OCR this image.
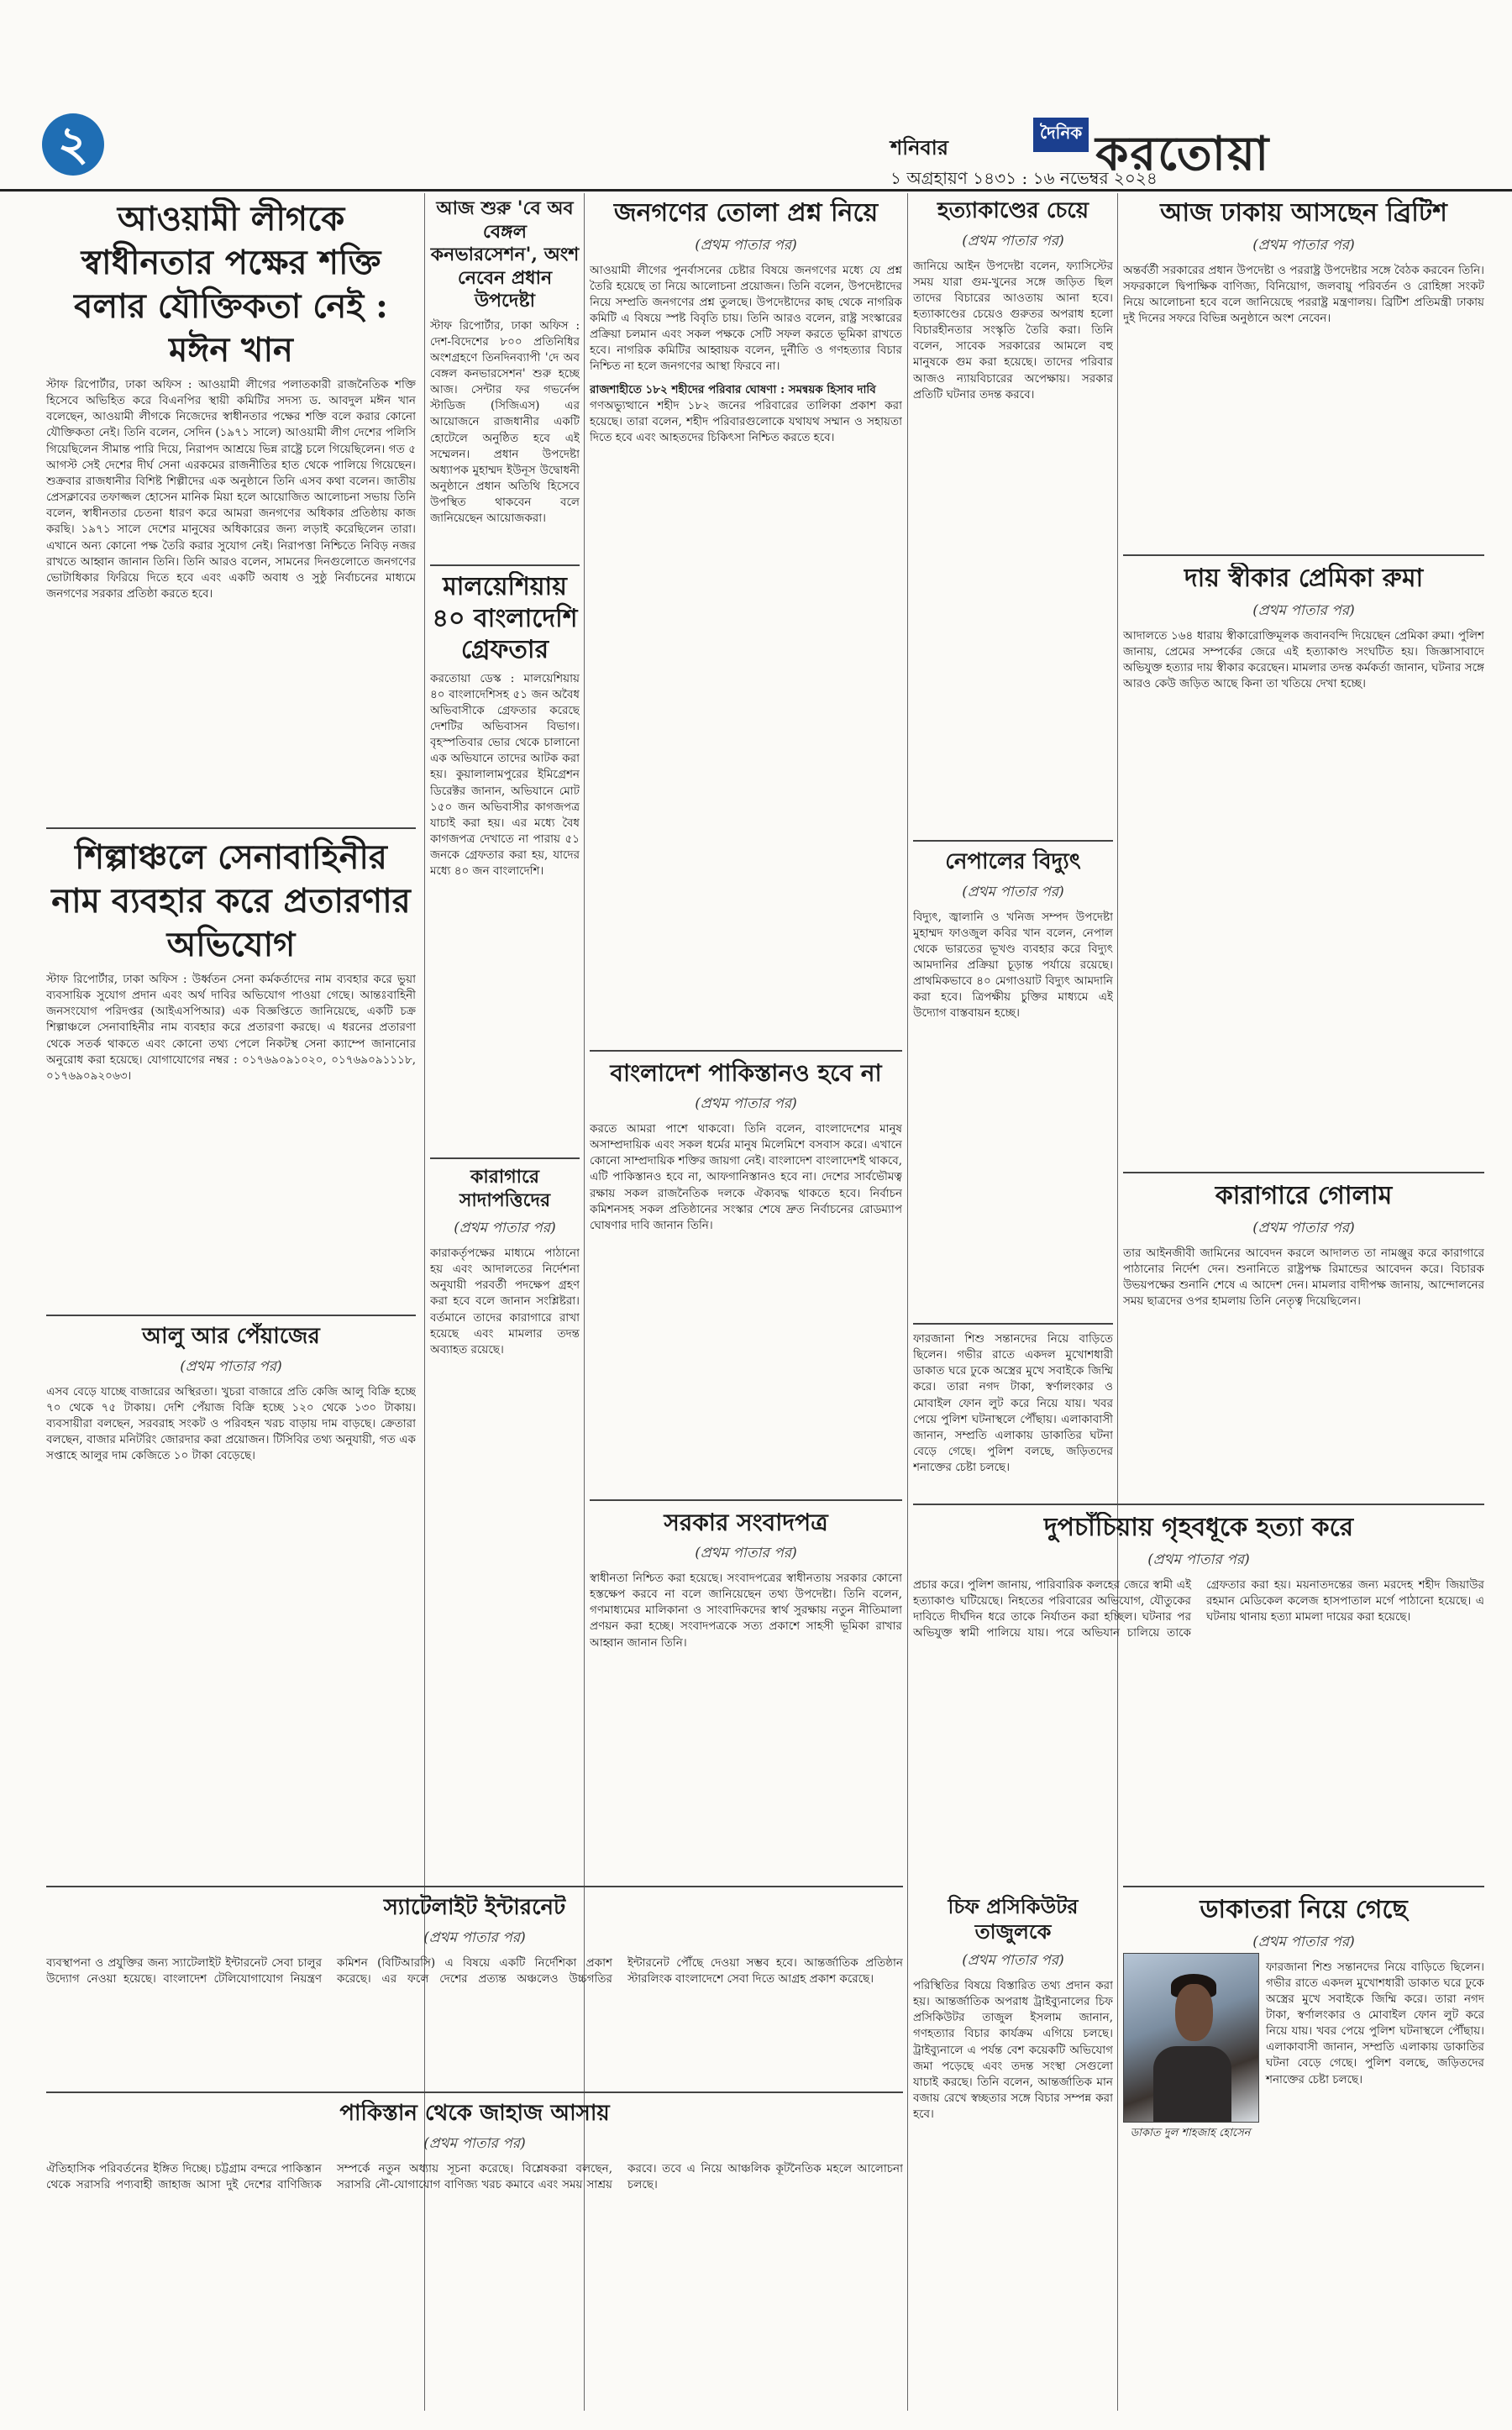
২	শনিবার
১ অগ্রহায়ণ ১৪৩১ : ১৬ নভেম্বর ২০২৪
দৈনিক করতোয়া
আওয়ামী লীগকে স্বাধীনতার পক্ষের শক্তি বলার যৌক্তিকতা নেই : মঈন খান
স্টাফ রিপোর্টার, ঢাকা অফিস : আওয়ামী লীগের পলাতকারী রাজনৈতিক শক্তি হিসেবে অভিহিত করে বিএনপির স্থায়ী কমিটির সদস্য ড. আবদুল মঈন খান বলেছেন, আওয়ামী লীগকে নিজেদের স্বাধীনতার পক্ষের শক্তি বলে করার কোনো যৌক্তিকতা নেই। তিনি বলেন, সেদিন (১৯৭১ সালে) আওয়ামী লীগ দেশের পলিসি গিয়েছিলেন সীমান্ত পারি দিয়ে, নিরাপদ আশ্রয়ে ভিন্ন রাষ্ট্রে চলে গিয়েছিলেন। গত ৫ আগস্ট সেই দেশের দীর্ঘ সেনা এরকমের রাজনীতির হাত থেকে পালিয়ে গিয়েছেন। শুক্রবার রাজধানীর বিশিষ্ট শিল্পীদের এক অনুষ্ঠানে তিনি এসব কথা বলেন। জাতীয় প্রেসক্লাবের তফাজ্জল হোসেন মানিক মিয়া হলে আয়োজিত আলোচনা সভায় তিনি বলেন, স্বাধীনতার চেতনা ধারণ করে আমরা জনগণের অধিকার প্রতিষ্ঠায় কাজ করছি। ১৯৭১ সালে দেশের মানুষের অধিকারের জন্য লড়াই করেছিলেন তারা। এখানে অন্য কোনো পক্ষ তৈরি করার সুযোগ নেই। নিরাপত্তা নিশ্চিতে নিবিড় নজর রাখতে আহ্বান জানান তিনি। তিনি আরও বলেন, সামনের দিনগুলোতে জনগণের ভোটাধিকার ফিরিয়ে দিতে হবে এবং একটি অবাধ ও সুষ্ঠু নির্বাচনের মাধ্যমে জনগণের সরকার প্রতিষ্ঠা করতে হবে।
শিল্পাঞ্চলে সেনাবাহিনীর নাম ব্যবহার করে প্রতারণার অভিযোগ
স্টাফ রিপোর্টার, ঢাকা অফিস : উর্ধ্বতন সেনা কর্মকর্তাদের নাম ব্যবহার করে ভুয়া ব্যবসায়িক সুযোগ প্রদান এবং অর্থ দাবির অভিযোগ পাওয়া গেছে। আন্তঃবাহিনী জনসংযোগ পরিদপ্তর (আইএসপিআর) এক বিজ্ঞপ্তিতে জানিয়েছে, একটি চক্র শিল্পাঞ্চলে সেনাবাহিনীর নাম ব্যবহার করে প্রতারণা করছে। এ ধরনের প্রতারণা থেকে সতর্ক থাকতে এবং কোনো তথ্য পেলে নিকটস্থ সেনা ক্যাম্পে জানানোর অনুরোধ করা হয়েছে। যোগাযোগের নম্বর : ০১৭৬৯০৯১০২০, ০১৭৬৯০৯১১১৮, ০১৭৬৯০৯২০৬৩।
আলু আর পেঁয়াজের
(প্রথম পাতার পর)
এসব বেড়ে যাচ্ছে বাজারের অস্থিরতা। খুচরা বাজারে প্রতি কেজি আলু বিক্রি হচ্ছে ৭০ থেকে ৭৫ টাকায়। দেশি পেঁয়াজ বিক্রি হচ্ছে ১২০ থেকে ১৩০ টাকায়। ব্যবসায়ীরা বলছেন, সরবরাহ সংকট ও পরিবহন খরচ বাড়ায় দাম বাড়ছে। ক্রেতারা বলছেন, বাজার মনিটরিং জোরদার করা প্রয়োজন। টিসিবির তথ্য অনুযায়ী, গত এক সপ্তাহে আলুর দাম কেজিতে ১০ টাকা বেড়েছে।
স্যাটেলাইট ইন্টারনেট
(প্রথম পাতার পর)
ব্যবস্থাপনা ও প্রযুক্তির জন্য স্যাটেলাইট ইন্টারনেট সেবা চালুর উদ্যোগ নেওয়া হয়েছে। বাংলাদেশ টেলিযোগাযোগ নিয়ন্ত্রণ কমিশন (বিটিআরসি) এ বিষয়ে একটি নির্দেশিকা প্রকাশ করেছে। এর ফলে দেশের প্রত্যন্ত অঞ্চলেও উচ্চগতির ইন্টারনেট পৌঁছে দেওয়া সম্ভব হবে। আন্তর্জাতিক প্রতিষ্ঠান স্টারলিংক বাংলাদেশে সেবা দিতে আগ্রহ প্রকাশ করেছে।
পাকিস্তান থেকে জাহাজ আসায়
(প্রথম পাতার পর)
ঐতিহাসিক পরিবর্তনের ইঙ্গিত দিচ্ছে। চট্টগ্রাম বন্দরে পাকিস্তান থেকে সরাসরি পণ্যবাহী জাহাজ আসা দুই দেশের বাণিজ্যিক সম্পর্কে নতুন অধ্যায় সূচনা করেছে। বিশ্লেষকরা বলছেন, সরাসরি নৌ-যোগাযোগ বাণিজ্য খরচ কমাবে এবং সময় সাশ্রয় করবে। তবে এ নিয়ে আঞ্চলিক কূটনৈতিক মহলে আলোচনা চলছে।
আজ শুরু 'বে অব বেঙ্গল কনভারসেশন', অংশ নেবেন প্রধান উপদেষ্টা
স্টাফ রিপোর্টার, ঢাকা অফিস : দেশ-বিদেশের ৮০০ প্রতিনিধির অংশগ্রহণে তিনদিনব্যাপী 'দে অব বেঙ্গল কনভারসেশন' শুরু হচ্ছে আজ। সেন্টার ফর গভর্নেন্স স্টাডিজ (সিজিএস) এর আয়োজনে রাজধানীর একটি হোটেলে অনুষ্ঠিত হবে এই সম্মেলন। প্রধান উপদেষ্টা অধ্যাপক মুহাম্মদ ইউনূস উদ্বোধনী অনুষ্ঠানে প্রধান অতিথি হিসেবে উপস্থিত থাকবেন বলে জানিয়েছেন আয়োজকরা।
মালয়েশিয়ায় ৪০ বাংলাদেশি গ্রেফতার
করতোয়া ডেস্ক : মালয়েশিয়ায় ৪০ বাংলাদেশিসহ ৫১ জন অবৈধ অভিবাসীকে গ্রেফতার করেছে দেশটির অভিবাসন বিভাগ। বৃহস্পতিবার ভোর থেকে চালানো এক অভিযানে তাদের আটক করা হয়। কুয়ালালামপুরের ইমিগ্রেশন ডিরেক্টর জানান, অভিযানে মোট ১৫০ জন অভিবাসীর কাগজপত্র যাচাই করা হয়। এর মধ্যে বৈধ কাগজপত্র দেখাতে না পারায় ৫১ জনকে গ্রেফতার করা হয়, যাদের মধ্যে ৪০ জন বাংলাদেশি।
কারাগারে সাদাপত্তিদের
(প্রথম পাতার পর)
কারাকর্তৃপক্ষের মাধ্যমে পাঠানো হয় এবং আদালতের নির্দেশনা অনুযায়ী পরবর্তী পদক্ষেপ গ্রহণ করা হবে বলে জানান সংশ্লিষ্টরা। বর্তমানে তাদের কারাগারে রাখা হয়েছে এবং মামলার তদন্ত অব্যাহত রয়েছে।
জনগণের তোলা প্রশ্ন নিয়ে
(প্রথম পাতার পর)
আওয়ামী লীগের পুনর্বাসনের চেষ্টার বিষয়ে জনগণের মধ্যে যে প্রশ্ন তৈরি হয়েছে তা নিয়ে আলোচনা প্রয়োজন। তিনি বলেন, উপদেষ্টাদের নিয়ে সম্প্রতি জনগণের প্রশ্ন তুলছে। উপদেষ্টাদের কাছ থেকে নাগরিক কমিটি এ বিষয়ে স্পষ্ট বিবৃতি চায়। তিনি আরও বলেন, রাষ্ট্র সংস্কারের প্রক্রিয়া চলমান এবং সকল পক্ষকে সেটি সফল করতে ভূমিকা রাখতে হবে। নাগরিক কমিটির আহ্বায়ক বলেন, দুর্নীতি ও গণহত্যার বিচার নিশ্চিত না হলে জনগণের আস্থা ফিরবে না।
রাজশাহীতে ১৮২ শহীদের পরিবার ঘোষণা : সমন্বয়ক হিসাব দাবি
গণঅভ্যুত্থানে শহীদ ১৮২ জনের পরিবারের তালিকা প্রকাশ করা হয়েছে। তারা বলেন, শহীদ পরিবারগুলোকে যথাযথ সম্মান ও সহায়তা দিতে হবে এবং আহতদের চিকিৎসা নিশ্চিত করতে হবে।
বাংলাদেশ পাকিস্তানও হবে না
(প্রথম পাতার পর)
করতে আমরা পাশে থাকবো। তিনি বলেন, বাংলাদেশের মানুষ অসাম্প্রদায়িক এবং সকল ধর্মের মানুষ মিলেমিশে বসবাস করে। এখানে কোনো সাম্প্রদায়িক শক্তির জায়গা নেই। বাংলাদেশ বাংলাদেশই থাকবে, এটি পাকিস্তানও হবে না, আফগানিস্তানও হবে না। দেশের সার্বভৌমত্ব রক্ষায় সকল রাজনৈতিক দলকে ঐক্যবদ্ধ থাকতে হবে। নির্বাচন কমিশনসহ সকল প্রতিষ্ঠানের সংস্কার শেষে দ্রুত নির্বাচনের রোডম্যাপ ঘোষণার দাবি জানান তিনি।
সরকার সংবাদপত্র
(প্রথম পাতার পর)
স্বাধীনতা নিশ্চিত করা হয়েছে। সংবাদপত্রের স্বাধীনতায় সরকার কোনো হস্তক্ষেপ করবে না বলে জানিয়েছেন তথ্য উপদেষ্টা। তিনি বলেন, গণমাধ্যমের মালিকানা ও সাংবাদিকদের স্বার্থ সুরক্ষায় নতুন নীতিমালা প্রণয়ন করা হচ্ছে। সংবাদপত্রকে সত্য প্রকাশে সাহসী ভূমিকা রাখার আহ্বান জানান তিনি।
চিফ প্রসিকিউটর তাজুলকে
(প্রথম পাতার পর)
পরিস্থিতির বিষয়ে বিস্তারিত তথ্য প্রদান করা হয়। আন্তর্জাতিক অপরাধ ট্রাইব্যুনালের চিফ প্রসিকিউটর তাজুল ইসলাম জানান, গণহত্যার বিচার কার্যক্রম এগিয়ে চলছে। ট্রাইব্যুনালে এ পর্যন্ত বেশ কয়েকটি অভিযোগ জমা পড়েছে এবং তদন্ত সংস্থা সেগুলো যাচাই করছে। তিনি বলেন, আন্তর্জাতিক মান বজায় রেখে স্বচ্ছতার সঙ্গে বিচার সম্পন্ন করা হবে।
হত্যাকাণ্ডের চেয়ে
(প্রথম পাতার পর)
জানিয়ে আইন উপদেষ্টা বলেন, ফ্যাসিস্টের সময় যারা গুম-খুনের সঙ্গে জড়িত ছিল তাদের বিচারের আওতায় আনা হবে। হত্যাকাণ্ডের চেয়েও গুরুতর অপরাধ হলো বিচারহীনতার সংস্কৃতি তৈরি করা। তিনি বলেন, সাবেক সরকারের আমলে বহু মানুষকে গুম করা হয়েছে। তাদের পরিবার আজও ন্যায়বিচারের অপেক্ষায়। সরকার প্রতিটি ঘটনার তদন্ত করবে।
নেপালের বিদ্যুৎ
(প্রথম পাতার পর)
বিদ্যুৎ, জ্বালানি ও খনিজ সম্পদ উপদেষ্টা মুহাম্মদ ফাওজুল কবির খান বলেন, নেপাল থেকে ভারতের ভূখণ্ড ব্যবহার করে বিদ্যুৎ আমদানির প্রক্রিয়া চূড়ান্ত পর্যায়ে রয়েছে। প্রাথমিকভাবে ৪০ মেগাওয়াট বিদ্যুৎ আমদানি করা হবে। ত্রিপক্ষীয় চুক্তির মাধ্যমে এই উদ্যোগ বাস্তবায়ন হচ্ছে।
ফারজানা শিশু সন্তানদের নিয়ে বাড়িতে ছিলেন। গভীর রাতে একদল মুখোশধারী ডাকাত ঘরে ঢুকে অস্ত্রের মুখে সবাইকে জিম্মি করে। তারা নগদ টাকা, স্বর্ণালংকার ও মোবাইল ফোন লুট করে নিয়ে যায়। খবর পেয়ে পুলিশ ঘটনাস্থলে পৌঁছায়। এলাকাবাসী জানান, সম্প্রতি এলাকায় ডাকাতির ঘটনা বেড়ে গেছে। পুলিশ বলছে, জড়িতদের শনাক্তের চেষ্টা চলছে।
আজ ঢাকায় আসছেন ব্রিটিশ
(প্রথম পাতার পর)
অন্তর্বর্তী সরকারের প্রধান উপদেষ্টা ও পররাষ্ট্র উপদেষ্টার সঙ্গে বৈঠক করবেন তিনি। সফরকালে দ্বিপাক্ষিক বাণিজ্য, বিনিয়োগ, জলবায়ু পরিবর্তন ও রোহিঙ্গা সংকট নিয়ে আলোচনা হবে বলে জানিয়েছে পররাষ্ট্র মন্ত্রণালয়। ব্রিটিশ প্রতিমন্ত্রী ঢাকায় দুই দিনের সফরে বিভিন্ন অনুষ্ঠানে অংশ নেবেন।
দায় স্বীকার প্রেমিকা রুমা
(প্রথম পাতার পর)
আদালতে ১৬৪ ধারায় স্বীকারোক্তিমূলক জবানবন্দি দিয়েছেন প্রেমিকা রুমা। পুলিশ জানায়, প্রেমের সম্পর্কের জেরে এই হত্যাকাণ্ড সংঘটিত হয়। জিজ্ঞাসাবাদে অভিযুক্ত হত্যার দায় স্বীকার করেছেন। মামলার তদন্ত কর্মকর্তা জানান, ঘটনার সঙ্গে আরও কেউ জড়িত আছে কিনা তা খতিয়ে দেখা হচ্ছে।
কারাগারে গোলাম
(প্রথম পাতার পর)
তার আইনজীবী জামিনের আবেদন করলে আদালত তা নামঞ্জুর করে কারাগারে পাঠানোর নির্দেশ দেন। শুনানিতে রাষ্ট্রপক্ষ রিমান্ডের আবেদন করে। বিচারক উভয়পক্ষের শুনানি শেষে এ আদেশ দেন। মামলার বাদীপক্ষ জানায়, আন্দোলনের সময় ছাত্রদের ওপর হামলায় তিনি নেতৃত্ব দিয়েছিলেন।
দুপচাঁচিয়ায় গৃহবধূকে হত্যা করে
(প্রথম পাতার পর)
প্রচার করে। পুলিশ জানায়, পারিবারিক কলহের জেরে স্বামী এই হত্যাকাণ্ড ঘটিয়েছে। নিহতের পরিবারের অভিযোগ, যৌতুকের দাবিতে দীর্ঘদিন ধরে তাকে নির্যাতন করা হচ্ছিল। ঘটনার পর অভিযুক্ত স্বামী পালিয়ে যায়। পরে অভিযান চালিয়ে তাকে গ্রেফতার করা হয়। ময়নাতদন্তের জন্য মরদেহ শহীদ জিয়াউর রহমান মেডিকেল কলেজ হাসপাতাল মর্গে পাঠানো হয়েছে। এ ঘটনায় থানায় হত্যা মামলা দায়ের করা হয়েছে।
ডাকাতরা নিয়ে গেছে
(প্রথম পাতার পর)
ফারজানা শিশু সন্তানদের নিয়ে বাড়িতে ছিলেন। গভীর রাতে একদল মুখোশধারী ডাকাত ঘরে ঢুকে অস্ত্রের মুখে সবাইকে জিম্মি করে। তারা নগদ টাকা, স্বর্ণালংকার ও মোবাইল ফোন লুট করে নিয়ে যায়। খবর পেয়ে পুলিশ ঘটনাস্থলে পৌঁছায়। এলাকাবাসী জানান, সম্প্রতি এলাকায় ডাকাতির ঘটনা বেড়ে গেছে। পুলিশ বলছে, জড়িতদের শনাক্তের চেষ্টা চলছে।
ডাকাত দুল শাহজাহ হোসেন
